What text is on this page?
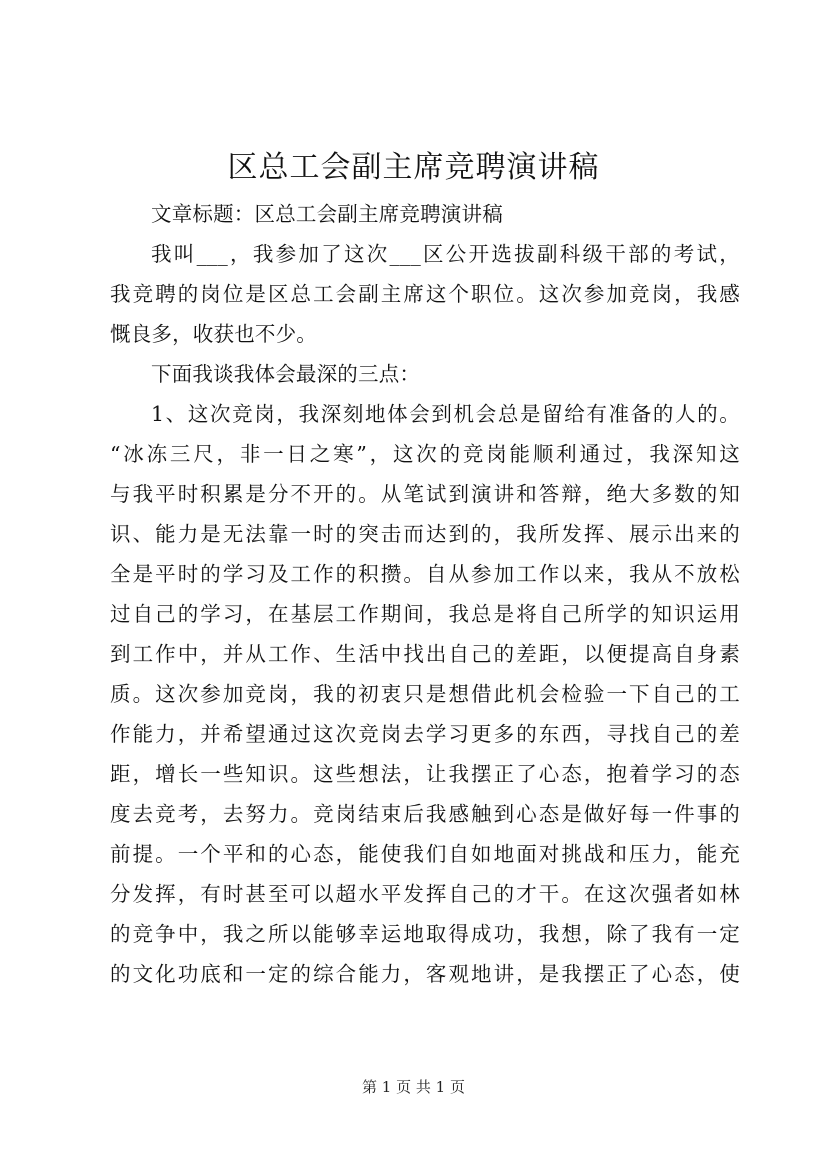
区总工会副主席竞聘演讲稿
文章标题：区总工会副主席竞聘演讲稿
我叫___，我参加了这次___区公开选拔副科级干部的考试，
我竞聘的岗位是区总工会副主席这个职位。这次参加竞岗，我感
慨良多，收获也不少。
下面我谈我体会最深的三点：
1、这次竞岗，我深刻地体会到机会总是留给有准备的人的。
“冰冻三尺，非一日之寒”，这次的竞岗能顺利通过，我深知这
与我平时积累是分不开的。从笔试到演讲和答辩，绝大多数的知
识、能力是无法靠一时的突击而达到的，我所发挥、展示出来的
全是平时的学习及工作的积攒。自从参加工作以来，我从不放松
过自己的学习，在基层工作期间，我总是将自己所学的知识运用
到工作中，并从工作、生活中找出自己的差距，以便提高自身素
质。这次参加竞岗，我的初衷只是想借此机会检验一下自己的工
作能力，并希望通过这次竞岗去学习更多的东西，寻找自己的差
距，增长一些知识。这些想法，让我摆正了心态，抱着学习的态
度去竞考，去努力。竞岗结束后我感触到心态是做好每一件事的
前提。一个平和的心态，能使我们自如地面对挑战和压力，能充
分发挥，有时甚至可以超水平发挥自己的才干。在这次强者如林
的竞争中，我之所以能够幸运地取得成功，我想，除了我有一定
的文化功底和一定的综合能力，客观地讲，是我摆正了心态，使
第 1 页 共 1 页
